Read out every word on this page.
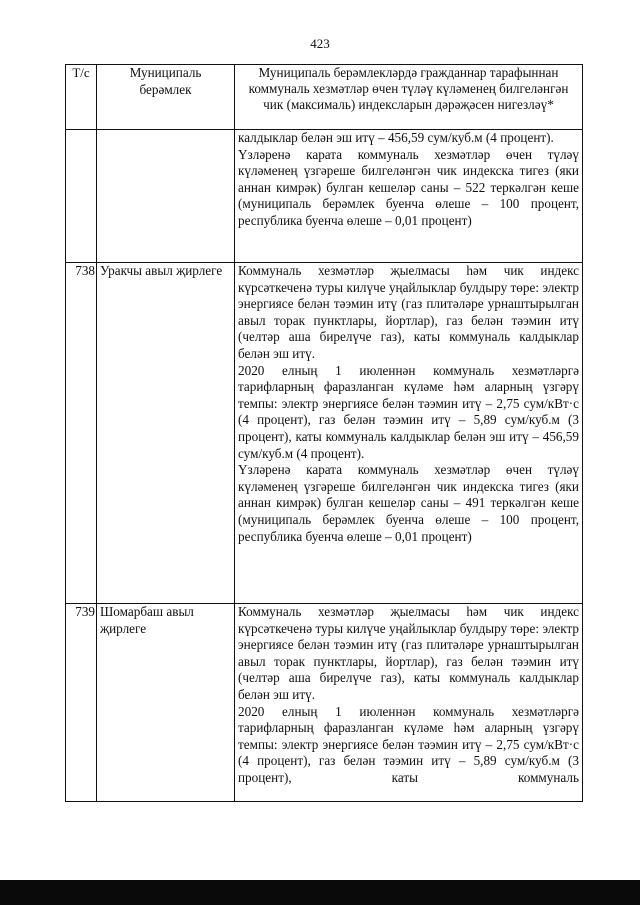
423
Т/с	Муниципаль берәмлек	Муниципаль берәмлекләрдә гражданнар тарафыннан коммуналь хезмәтләр өчен түләү күләменең билгеләнгән чик (максималь) индексларын дәрәҗәсен нигезләү*

		калдыклар белән эш итү – 456,59 сум/куб.м (4 процент).

Үзләренә карата коммуналь хезмәтләр өчен түләү күләменең үзгәреше билгеләнгән чик индекска тигез (яки аннан кимрәк) булган кешеләр саны – 522 теркәлгән кеше (муниципаль берәмлек буенча өлеше – 100 процент, республика буенча өлеше – 0,01 процент)

738	Уракчы авыл җирлеге	Коммуналь хезмәтләр җыелмасы һәм чик индекс күрсәткеченә туры килүче уңайлыклар булдыру төре: электр энергиясе белән тәэмин итү (газ плитәләре урнаштырылган авыл торак пунктлары, йортлар), газ белән тәэмин итү (челтәр аша бирелүче газ), каты коммуналь калдыклар белән эш итү.

2020 елның 1 июленнән коммуналь хезмәтләргә тарифларның фаразланган күләме һәм аларның үзгәрү темпы: электр энергиясе белән тәэмин итү – 2,75 сум/кВт·с (4 процент), газ белән тәэмин итү – 5,89 сум/куб.м (3 процент), каты коммуналь калдыклар белән эш итү – 456,59 сум/куб.м (4 процент).

Үзләренә карата коммуналь хезмәтләр өчен түләү күләменең үзгәреше билгеләнгән чик индекска тигез (яки аннан кимрәк) булган кешеләр саны – 491 теркәлгән кеше (муниципаль берәмлек буенча өлеше – 100 процент, республика буенча өлеше – 0,01 процент)

739	Шомарбаш авыл җирлеге	Коммуналь хезмәтләр җыелмасы һәм чик индекс күрсәткеченә туры килүче уңайлыклар булдыру төре: электр энергиясе белән тәэмин итү (газ плитәләре урнаштырылган авыл торак пунктлары, йортлар), газ белән тәэмин итү (челтәр аша бирелүче газ), каты коммуналь калдыклар белән эш итү.

2020 елның 1 июленнән коммуналь хезмәтләргә тарифларның фаразланган күләме һәм аларның үзгәрү темпы: электр энергиясе белән тәэмин итү – 2,75 сум/кВт·с (4 процент), газ белән тәэмин итү – 5,89 сум/куб.м (3 процент), каты коммуналь
